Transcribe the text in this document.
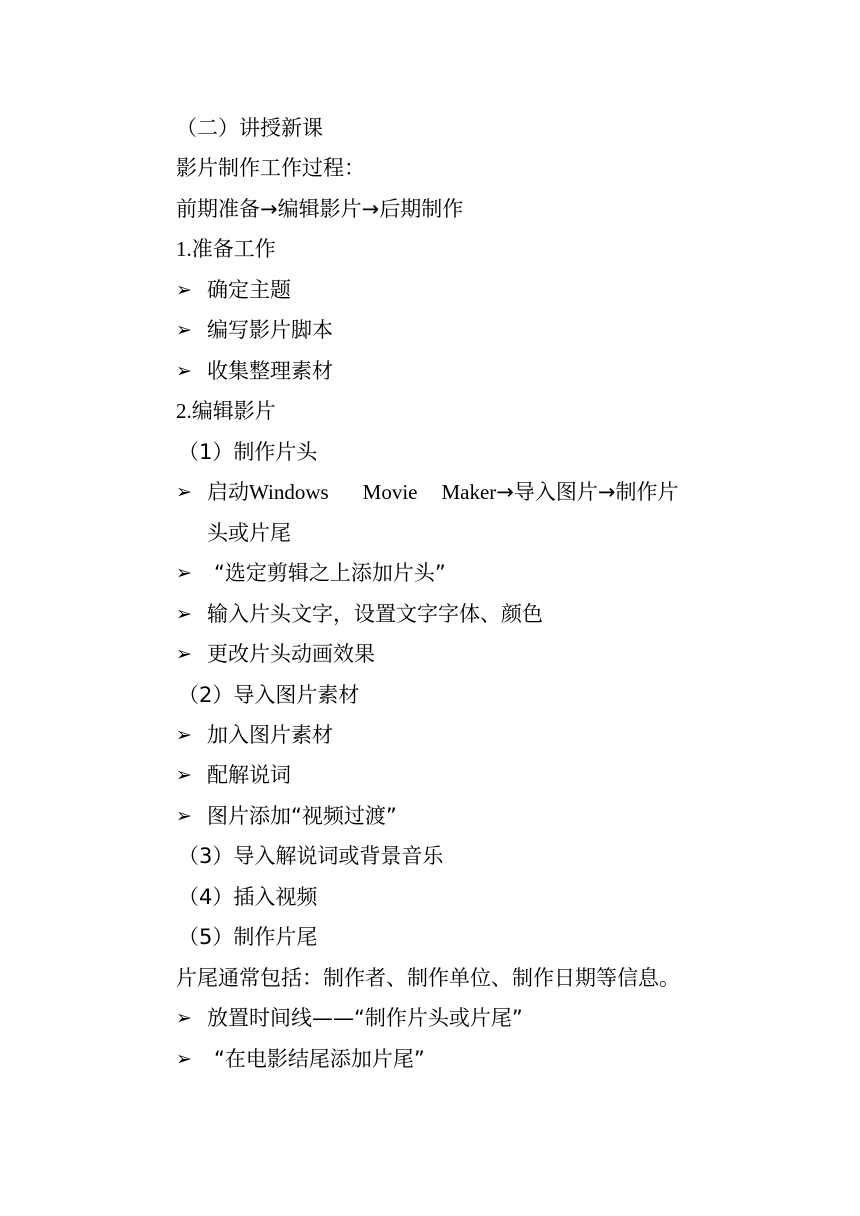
（二）讲授新课
影片制作工作过程：
前期准备→编辑影片→后期制作
1.准备工作
➢ 确定主题
➢ 编写影片脚本
➢ 收集整理素材
2.编辑影片
（1）制作片头
➢ 启动Windows Movie Maker→导入图片→制作片
头或片尾
➢	“选定剪辑之上添加片头”
➢ 输入片头文字，设置文字字体、颜色
➢ 更改片头动画效果
（2）导入图片素材
➢ 加入图片素材
➢ 配解说词
➢ 图片添加“视频过渡”
（3）导入解说词或背景音乐
（4）插入视频
（5）制作片尾
片尾通常包括：制作者、制作单位、制作日期等信息。
➢ 放置时间线——“制作片头或片尾”
➢	“在电影结尾添加片尾”
